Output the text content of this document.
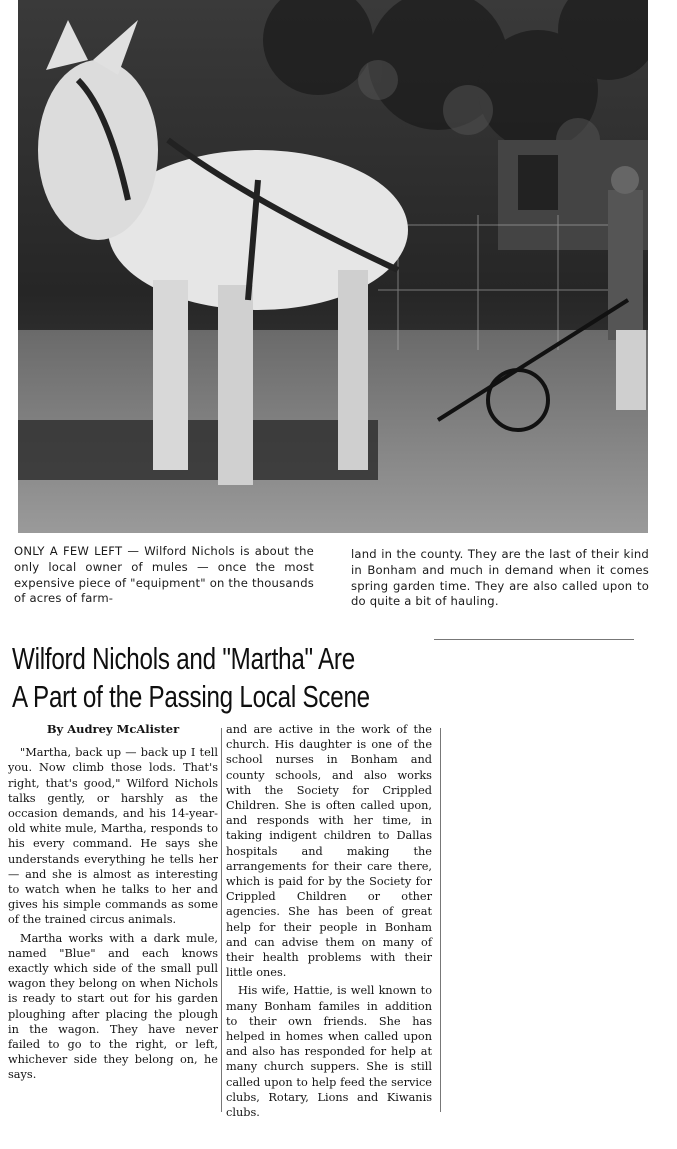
ONLY A FEW LEFT — Wilford Nichols is about the only local owner of mules — once the most expensive piece of "equipment" on the thousands of acres of farm-
land in the county. They are the last of their kind in Bonham and much in demand when it comes spring garden time. They are also called upon to do quite a bit of hauling.
Wilford Nichols and "Martha" Are
A Part of the Passing Local Scene
By Audrey McAlister

"Martha, back up — back up I tell you. Now climb those lods. That's right, that's good," Wilford Nichols talks gently, or harshly as the occasion demands, and his 14-year-old white mule, Martha, responds to his every command. He says she understands everything he tells her — and she is almost as interesting to watch when he talks to her and gives his simple commands as some of the trained circus animals.

Martha works with a dark mule, named "Blue" and each knows exactly which side of the small pull wagon they belong on when Nichols is ready to start out for his garden ploughing after placing the plough in the wagon. They have never failed to go to the right, or left, whichever side they belong on, he says.

and are active in the work of the church. His daughter is one of the school nurses in Bonham and county schools, and also works with the Society for Crippled Children. She is often called upon, and responds with her time, in taking indigent children to Dallas hospitals and making the arrangements for their care there, which is paid for by the Society for Crippled Children or other agencies. She has been of great help for their people in Bonham and can advise them on many of their health problems with their little ones.

His wife, Hattie, is well known to many Bonham familes in addition to their own friends. She has helped in homes when called upon and also has responded for help at many church suppers. She is still called upon to help feed the service clubs, Rotary, Lions and Kiwanis clubs.
